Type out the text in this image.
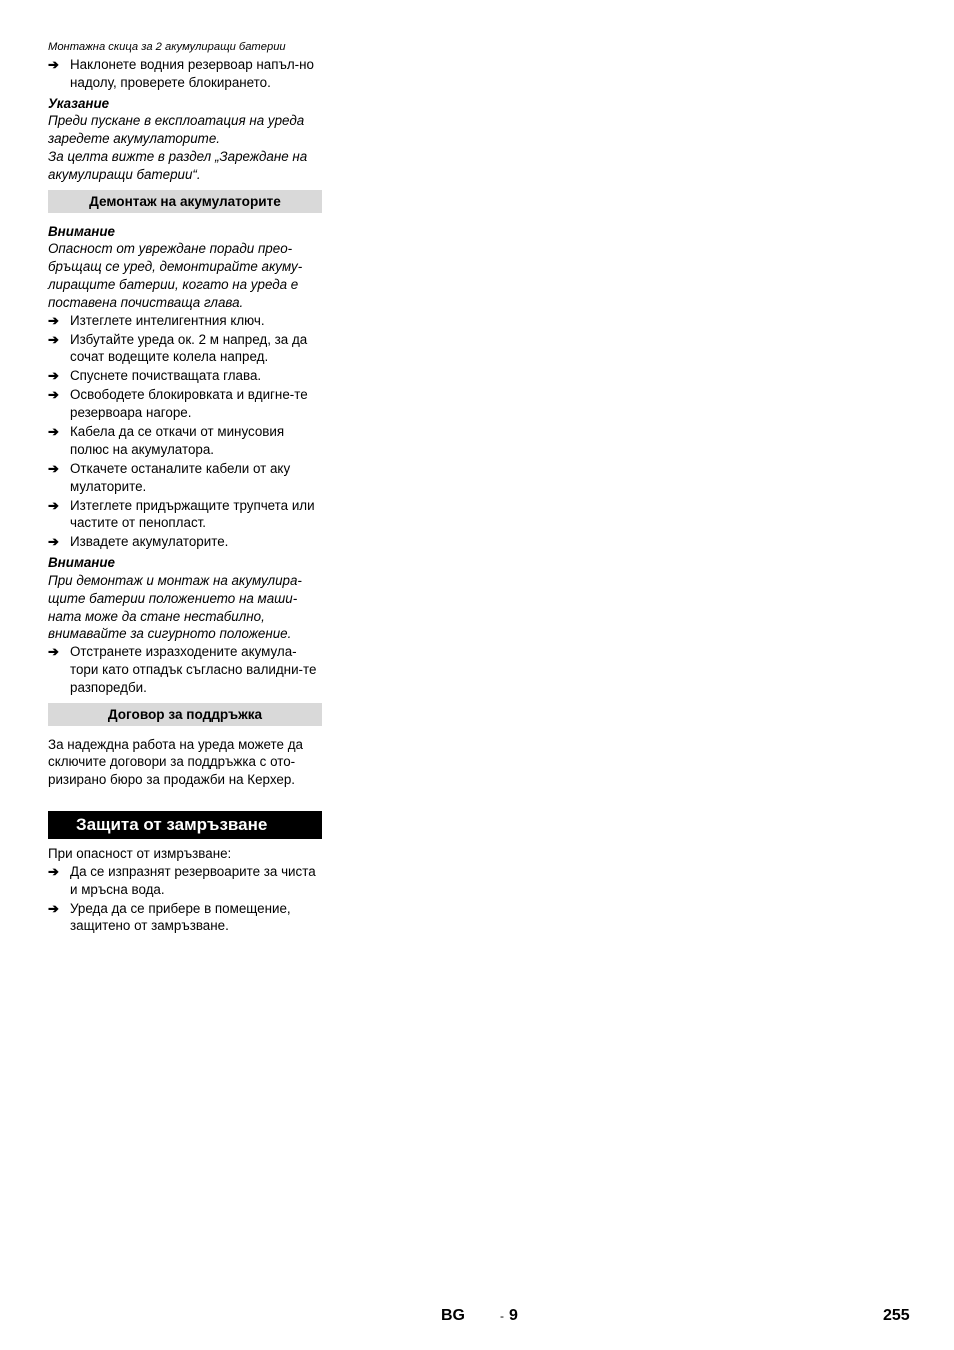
Монтажна скица за 2 акумулиращи батерии
➔ Наклонете водния резервоар напъл-но надолу, проверете блокирането.
Указание
Преди пускане в експлоатация на уреда заредете акумулаторите.
За целта вижте в раздел „Зареждане на акумулиращи батерии“.
Демонтаж на акумулаторите
Внимание
Опасност от увреждане поради прео-бръщащ се уред, демонтирайте акуму-лиращите батерии, когато на уреда е поставена почистваща глава.
➔ Изтеглете интелигентния ключ.
➔ Избутайте уреда ок. 2 м напред, за да сочат водещите колела напред.
➔ Спуснете почистващата глава.
➔ Освободете блокировката и вдигне-те резервоара нагоре.
➔ Кабела да се откачи от минусовия полюс на акумулатора.
➔ Откачете останалите кабели от аку мулаторите.
➔ Изтеглете придържащите трупчета или частите от пенопласт.
➔ Извадете акумулаторите.
Внимание
При демонтаж и монтаж на акумулира-щите батерии положението на маши-ната може да стане нестабилно, внимавайте за сигурното положение.
➔ Отстранете изразходените акумула-тори като отпадък съгласно валидни-те разпоредби.
Договор за поддръжка

За надеждна работа на уреда можете да сключите договори за поддръжка с ото-ризирано бюро за продажби на Керхер.

Защита от замръзване
При опасност от измръзване:
➔ Да се изпразнят резервоарите за чиста и мръсна вода.
➔ Уреда да се прибере в помещение, защитено от замръзване.
BG	- 9	255
